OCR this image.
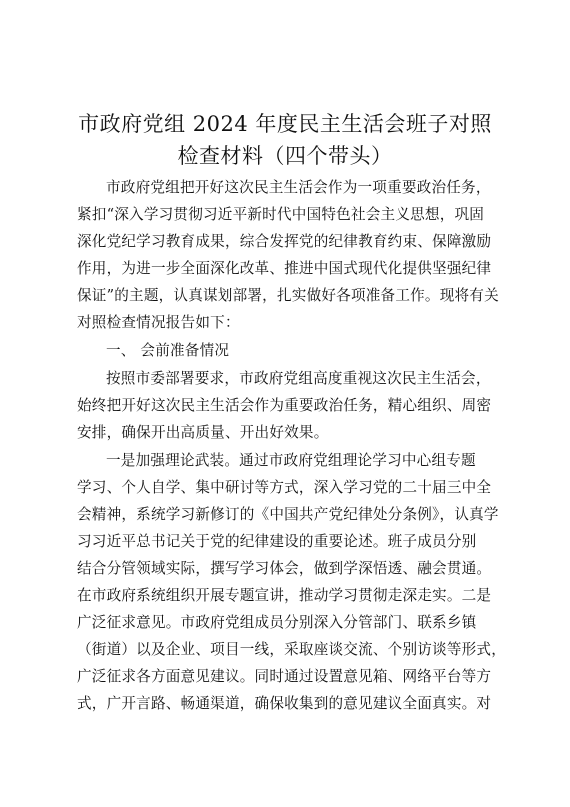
市政府党组 2024 年度民主生活会班子对照
检查材料（四个带头）
市政府党组把开好这次民主生活会作为一项重要政治任务，
紧扣“深入学习贯彻习近平新时代中国特色社会主义思想，巩固
深化党纪学习教育成果，综合发挥党的纪律教育约束、保障激励
作用，为进一步全面深化改革、推进中国式现代化提供坚强纪律
保证”的主题，认真谋划部署，扎实做好各项准备工作。现将有关
对照检查情况报告如下：
一、 会前准备情况
按照市委部署要求，市政府党组高度重视这次民主生活会，
始终把开好这次民主生活会作为重要政治任务，精心组织、周密
安排，确保开出高质量、开出好效果。
一是加强理论武装。通过市政府党组理论学习中心组专题
学习、个人自学、集中研讨等方式，深入学习党的二十届三中全
会精神，系统学习新修订的《中国共产党纪律处分条例》，认真学
习习近平总书记关于党的纪律建设的重要论述。班子成员分别
结合分管领域实际，撰写学习体会，做到学深悟透、融会贯通。
在市政府系统组织开展专题宣讲，推动学习贯彻走深走实。二是
广泛征求意见。市政府党组成员分别深入分管部门、联系乡镇
（街道）以及企业、项目一线，采取座谈交流、个别访谈等形式，
广泛征求各方面意见建议。同时通过设置意见箱、网络平台等方
式，广开言路、畅通渠道，确保收集到的意见建议全面真实。对
